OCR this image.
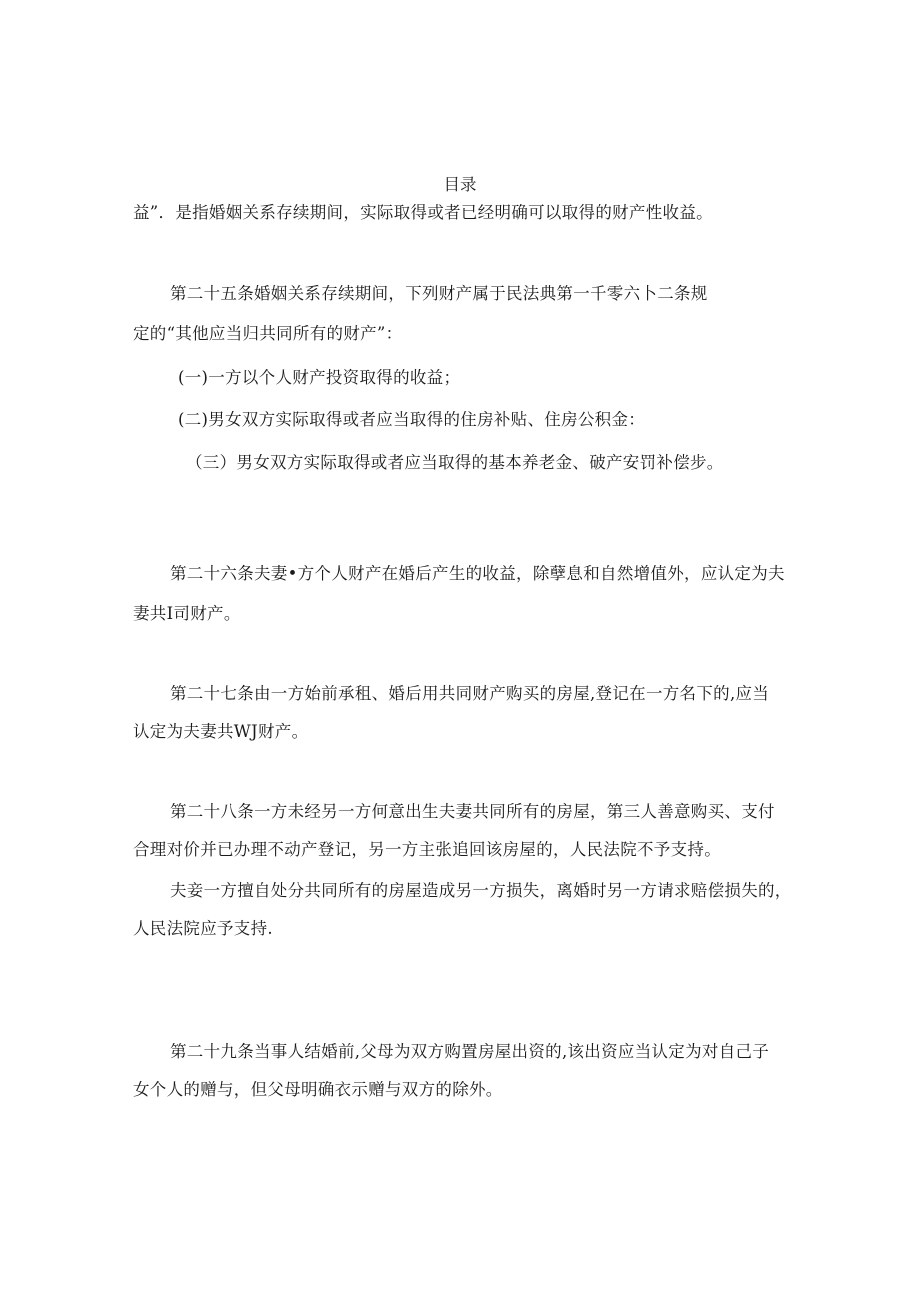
目录
益”．是指婚姻关系存续期间，实际取得或者已经明确可以取得的财产性收益。
第二十五条婚姻关系存续期间，下列财产属于民法典第一千零六卜二条规
定的“其他应当归共同所有的财产”：
(一)一方以个人财产投资取得的收益；
(二)男女双方实际取得或者应当取得的住房补贴、住房公积金：
（三）男女双方实际取得或者应当取得的基本养老金、破产安罚补偿步。
第二十六条夫妻•方个人财产在婚后产生的收益，除孽息和自然增值外，应认定为夫
妻共I司财产。
第二十七条由一方始前承租、婚后用共同财产购买的房屋,登记在一方名下的,应当
认定为夫妻共WJ财产。
第二十八条一方未经另一方何意出生夫妻共同所有的房屋，第三人善意购买、支付
合理对价并已办理不动产登记，另一方主张追回该房屋的，人民法院不予支持。
夫妾一方擅自处分共同所有的房屋造成另一方损失，离婚时另一方请求赔偿损失的，
人民法院应予支持.
第二十九条当事人结婚前,父母为双方购置房屋出资的,该出资应当认定为对自己子
女个人的赠与，但父母明确衣示赠与双方的除外。
